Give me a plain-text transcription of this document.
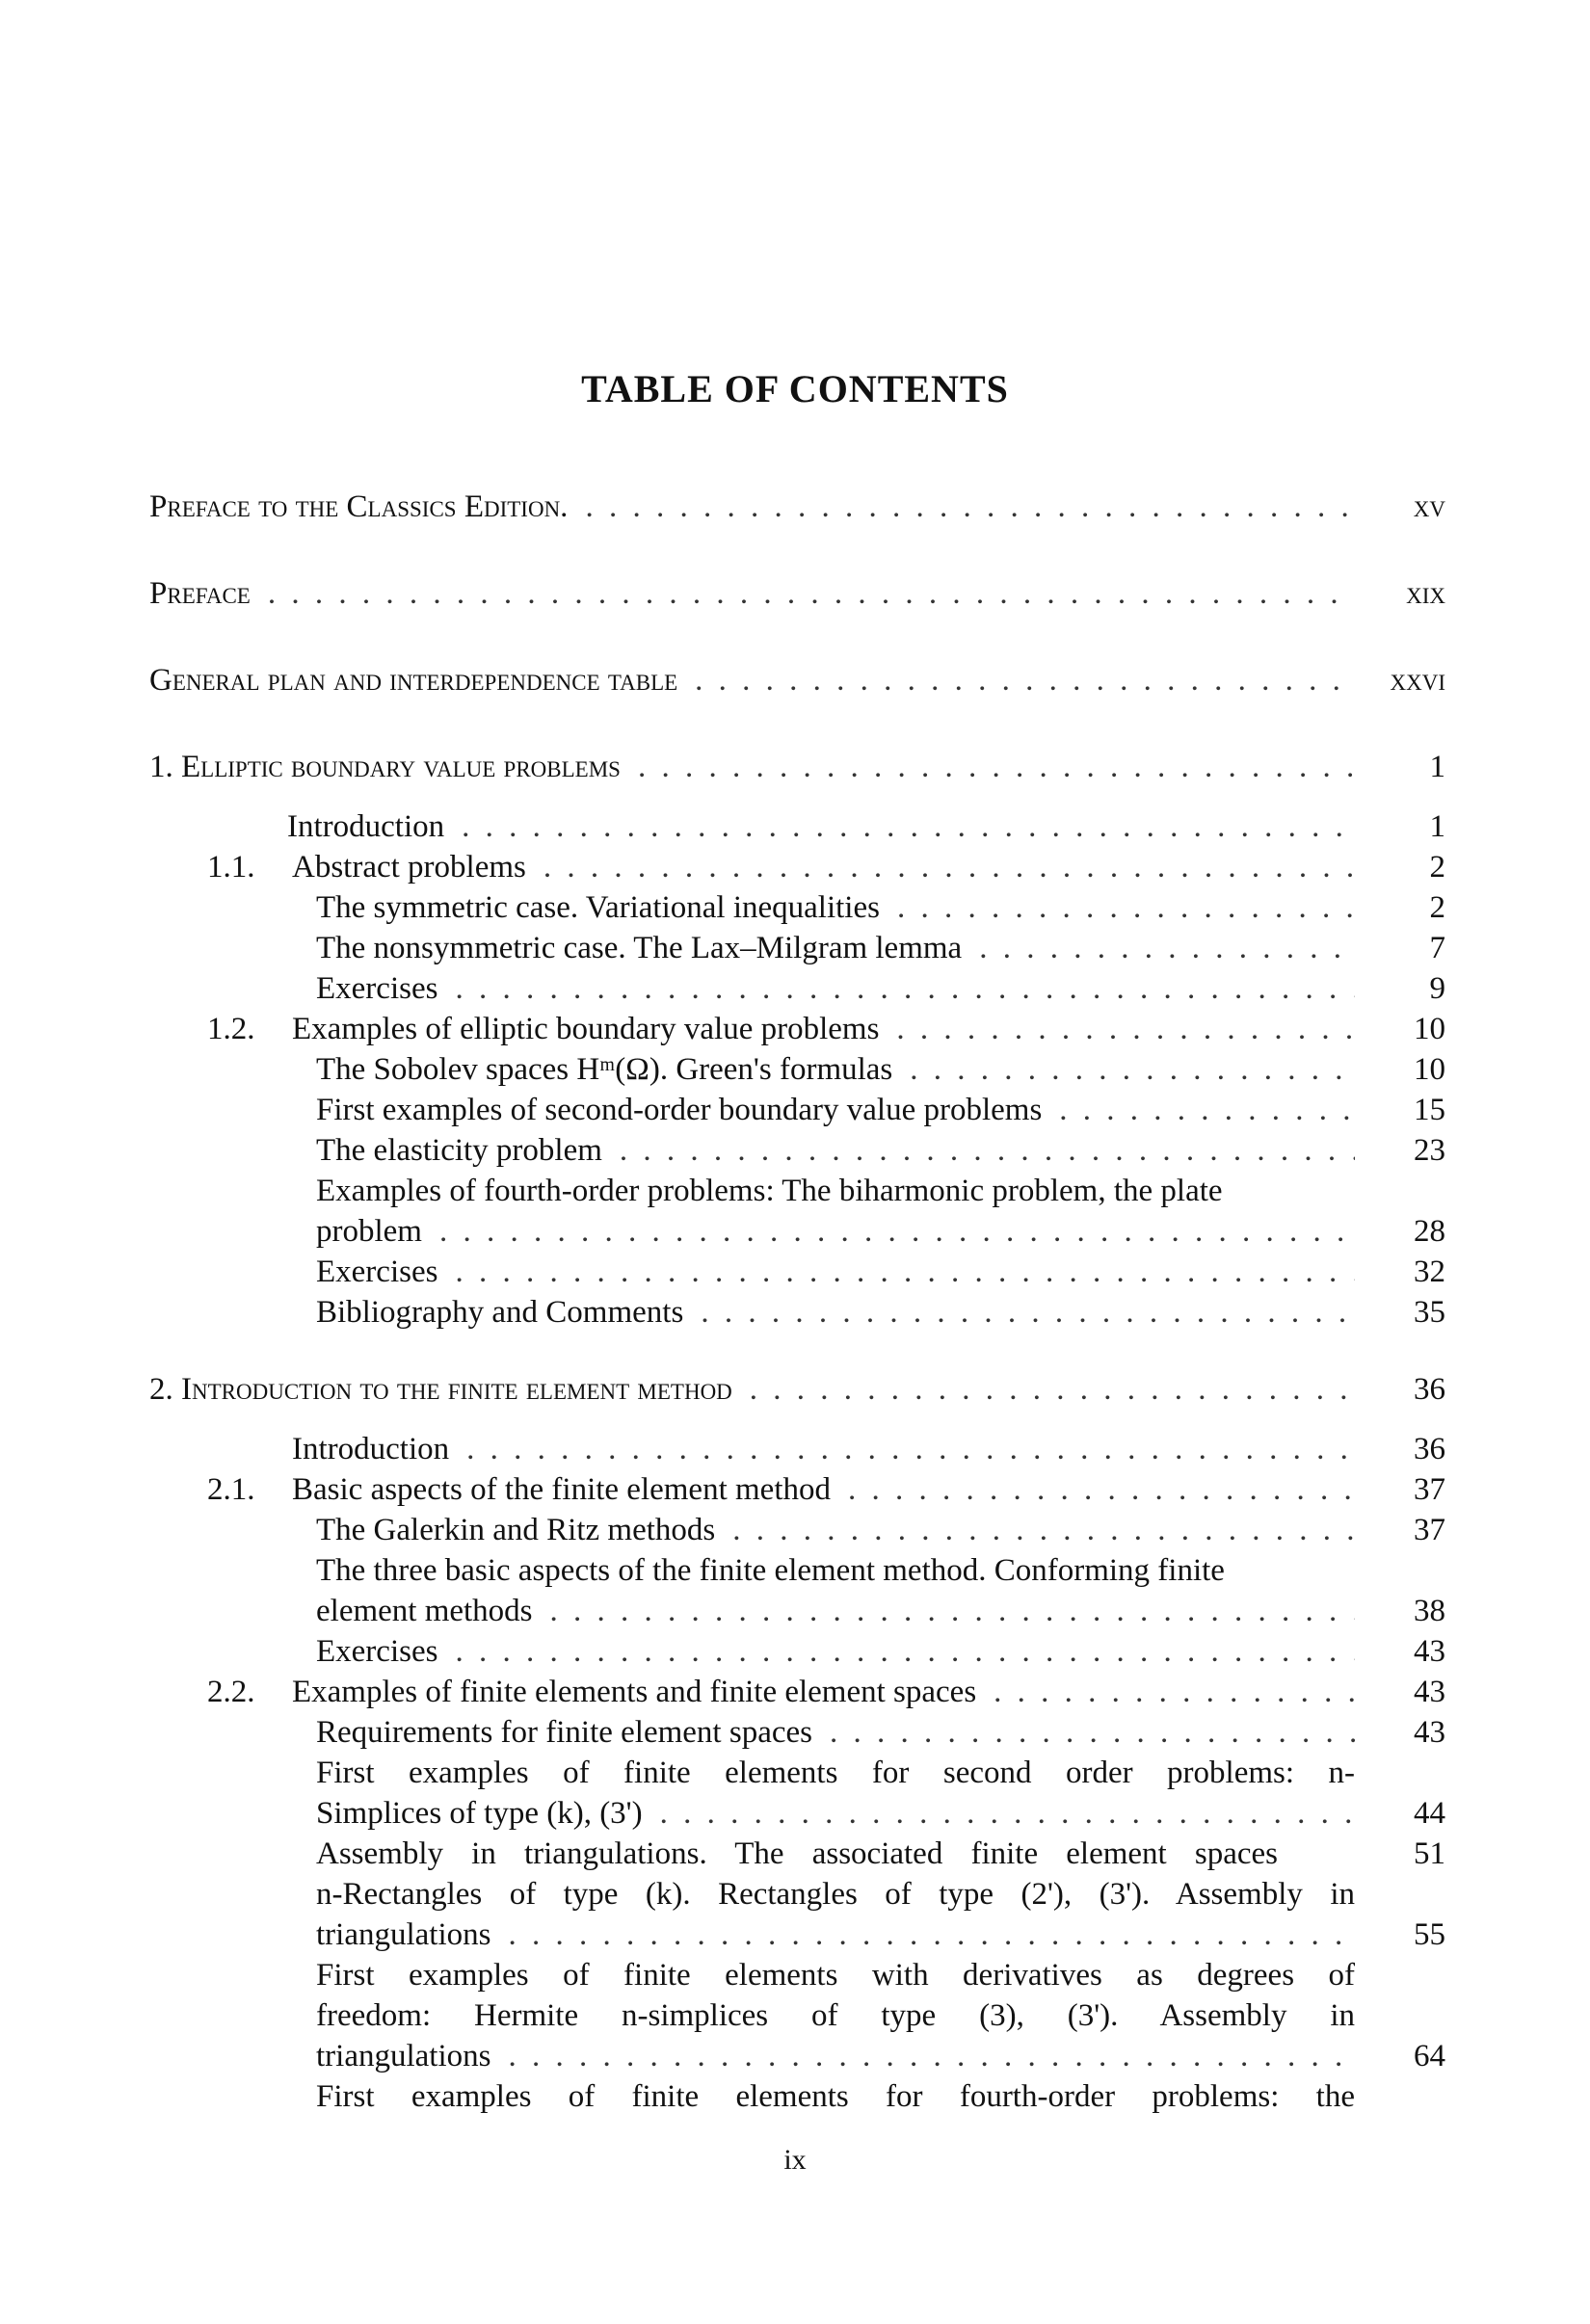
TABLE OF CONTENTS
Preface to the Classics Edition. . . .	xv
Preface . . .	xix
General plan and interdependence table . . .	xxvi
1. Elliptic boundary value problems . . .	1
Introduction . . .	1
1.1. Abstract problems . . .	2
The symmetric case. Variational inequalities . . .	2
The nonsymmetric case. The Lax–Milgram lemma . . .	7
Exercises . . .	9
1.2. Examples of elliptic boundary value problems . . .	10
The Sobolev spaces Hᵐ(Ω). Green's formulas . . .	10
First examples of second-order boundary value problems . . .	15
The elasticity problem . . .	23
Examples of fourth-order problems: The biharmonic problem, the plate
problem . . .	28
Exercises . . .	32
Bibliography and Comments . . .	35
2. Introduction to the finite element method . . .	36
Introduction . . .	36
2.1. Basic aspects of the finite element method . . .	37
The Galerkin and Ritz methods . . .	37
The three basic aspects of the finite element method. Conforming finite
element methods . . .	38
Exercises . . .	43
2.2. Examples of finite elements and finite element spaces . . .	43
Requirements for finite element spaces . . .	43
First examples of finite elements for second order problems: n-
Simplices of type (k), (3') . . .	44
Assembly in triangulations. The associated finite element spaces	51
n-Rectangles of type (k). Rectangles of type (2'), (3'). Assembly in
triangulations . . .	55
First examples of finite elements with derivatives as degrees of
freedom: Hermite n-simplices of type (3), (3'). Assembly in
triangulations . . .	64
First examples of finite elements for fourth-order problems: the
ix
